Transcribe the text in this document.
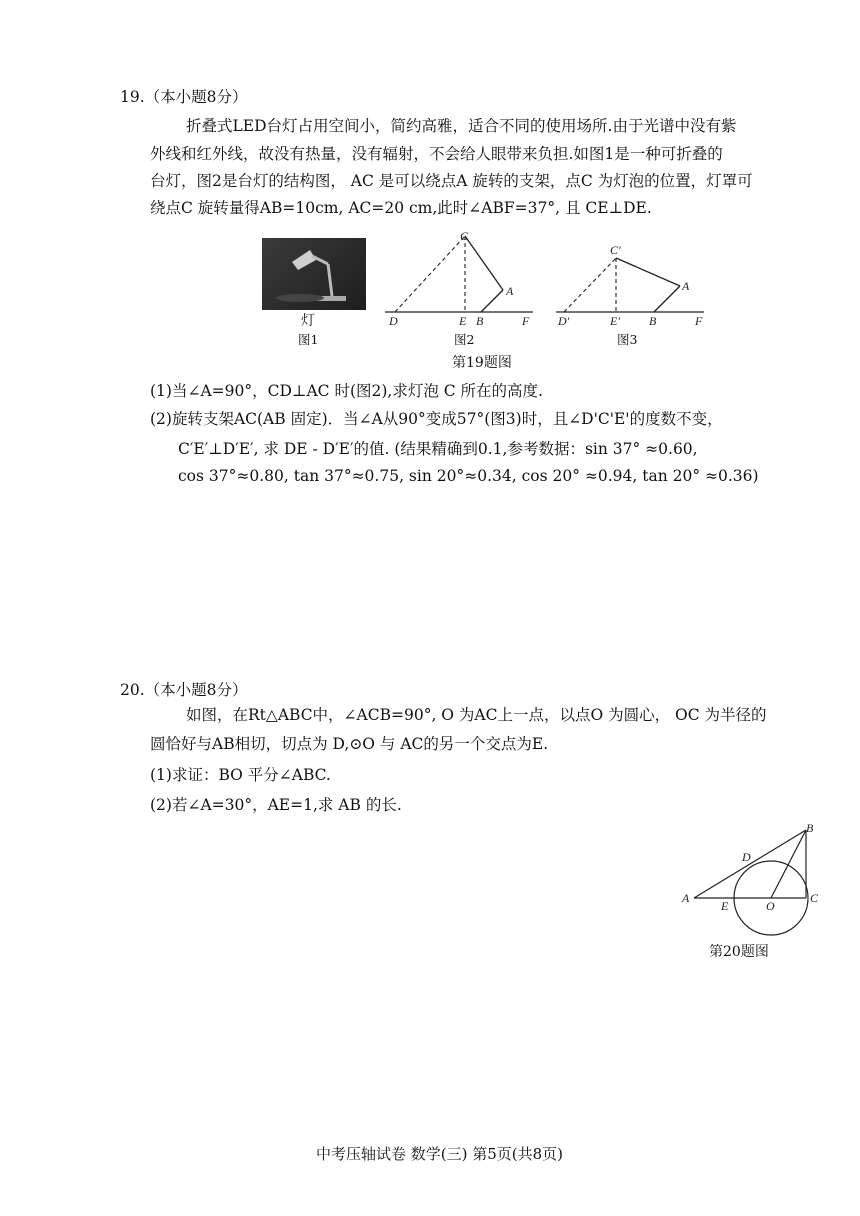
19.（本小题8分）
折叠式LED台灯占用空间小，简约高雅，适合不同的使用场所.由于光谱中没有紫
外线和红外线，故没有热量，没有辐射，不会给人眼带来负担.如图1是一种可折叠的
台灯，图2是台灯的结构图， AC 是可以绕点A 旋转的支架，点C 为灯泡的位置，灯罩可
绕点C 旋转量得AB=10cm, AC=20 cm,此时∠ABF=37°, 且 CE⊥DE.
灯
图1
C
A
D	E B	F
图2
C′
A
D′	E′ B	F
图3
第19题图
(1)当∠A=90°，CD⊥AC 时(图2),求灯泡 C 所在的高度.
(2)旋转支架AC(AB 固定)．当∠A从90°变成57°(图3)时，且∠D'C'E'的度数不变，
C′E′⊥D′E′, 求 DE - D′E′的值. (结果精确到0.1,参考数据：sin 37° ≈0.60,
cos 37°≈0.80, tan 37°≈0.75, sin 20°≈0.34, cos 20° ≈0.94, tan 20° ≈0.36)
20.（本小题8分）
如图，在Rt△ABC中，∠ACB=90°, O 为AC上一点，以点O 为圆心， OC 为半径的
圆恰好与AB相切，切点为 D,⊙O 与 AC的另一个交点为E.
(1)求证：BO 平分∠ABC.
(2)若∠A=30°，AE=1,求 AB 的长.
A
B
C
D
E	O
第20题图
中考压轴试卷 数学(三) 第5页(共8页)
